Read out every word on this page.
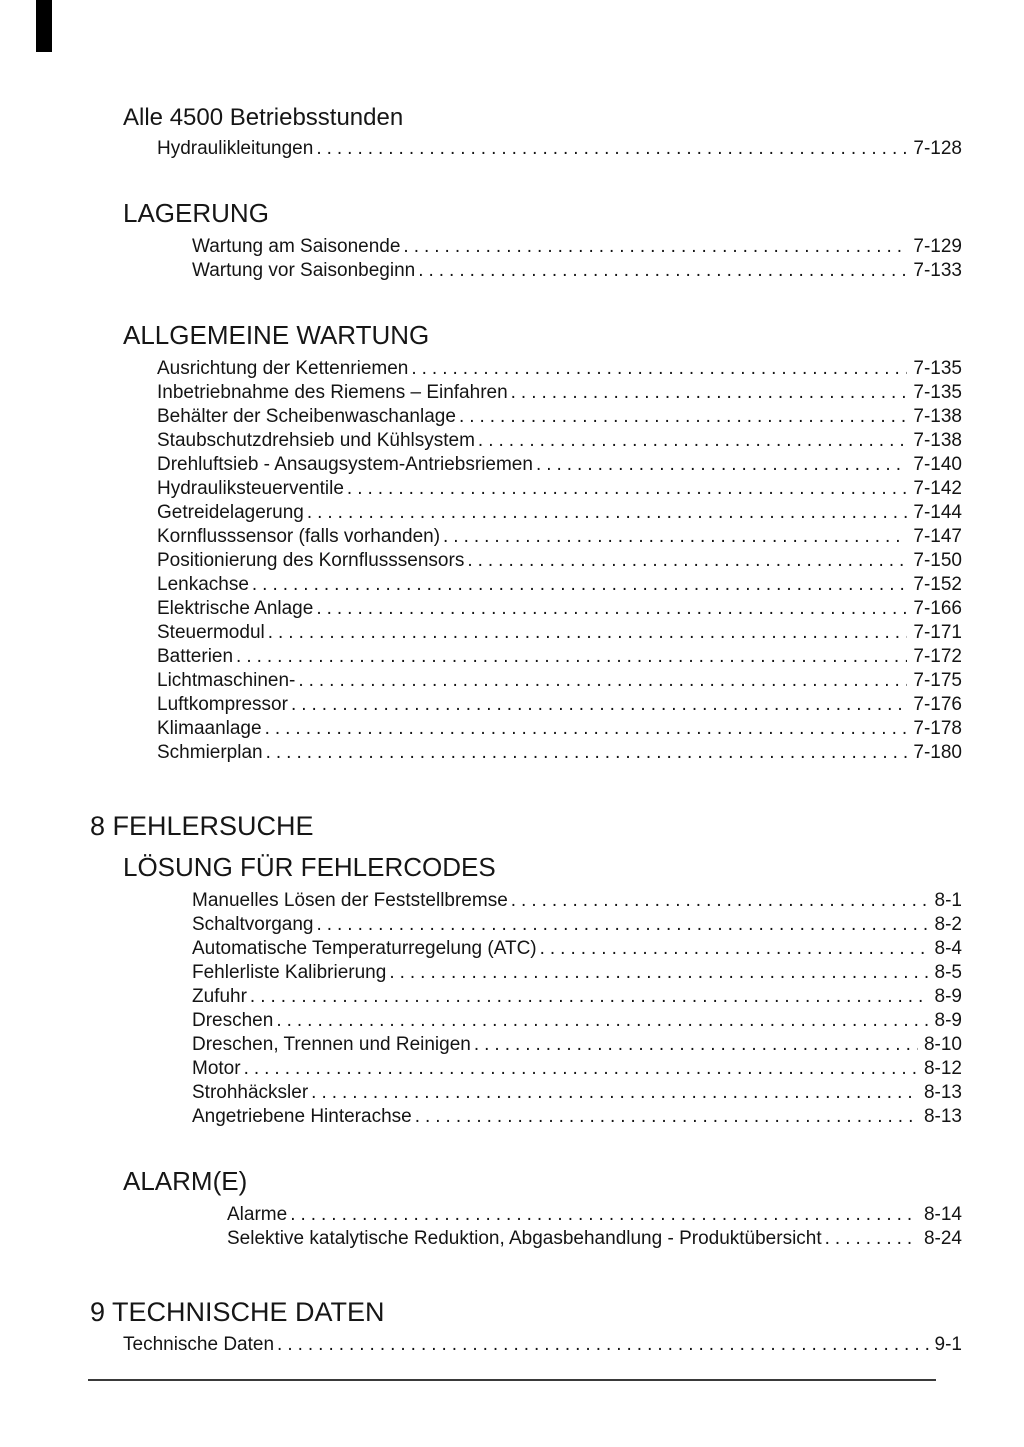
Alle 4500 Betriebsstunden
Hydraulikleitungen .....	7-128
LAGERUNG
Wartung am Saisonende .....	7-129
Wartung vor Saisonbeginn .....	7-133
ALLGEMEINE WARTUNG
Ausrichtung der Kettenriemen .....	7-135
Inbetriebnahme des Riemens – Einfahren .....	7-135
Behälter der Scheibenwaschanlage .....	7-138
Staubschutzdrehsieb und Kühlsystem .....	7-138
Drehluftsieb - Ansaugsystem-Antriebsriemen .....	7-140
Hydrauliksteuerventile .....	7-142
Getreidelagerung .....	7-144
Kornflusssensor (falls vorhanden) .....	7-147
Positionierung des Kornflusssensors .....	7-150
Lenkachse .....	7-152
Elektrische Anlage .....	7-166
Steuermodul .....	7-171
Batterien .....	7-172
Lichtmaschinen- .....	7-175
Luftkompressor .....	7-176
Klimaanlage .....	7-178
Schmierplan .....	7-180
8 FEHLERSUCHE
LÖSUNG FÜR FEHLERCODES
Manuelles Lösen der Feststellbremse .....	8-1
Schaltvorgang .....	8-2
Automatische Temperaturregelung (ATC) .....	8-4
Fehlerliste Kalibrierung .....	8-5
Zufuhr .....	8-9
Dreschen .....	8-9
Dreschen, Trennen und Reinigen .....	8-10
Motor .....	8-12
Strohhäcksler .....	8-13
Angetriebene Hinterachse .....	8-13
ALARM(E)
Alarme .....	8-14
Selektive katalytische Reduktion, Abgasbehandlung - Produktübersicht .....	8-24
9 TECHNISCHE DATEN
Technische Daten .....	9-1
